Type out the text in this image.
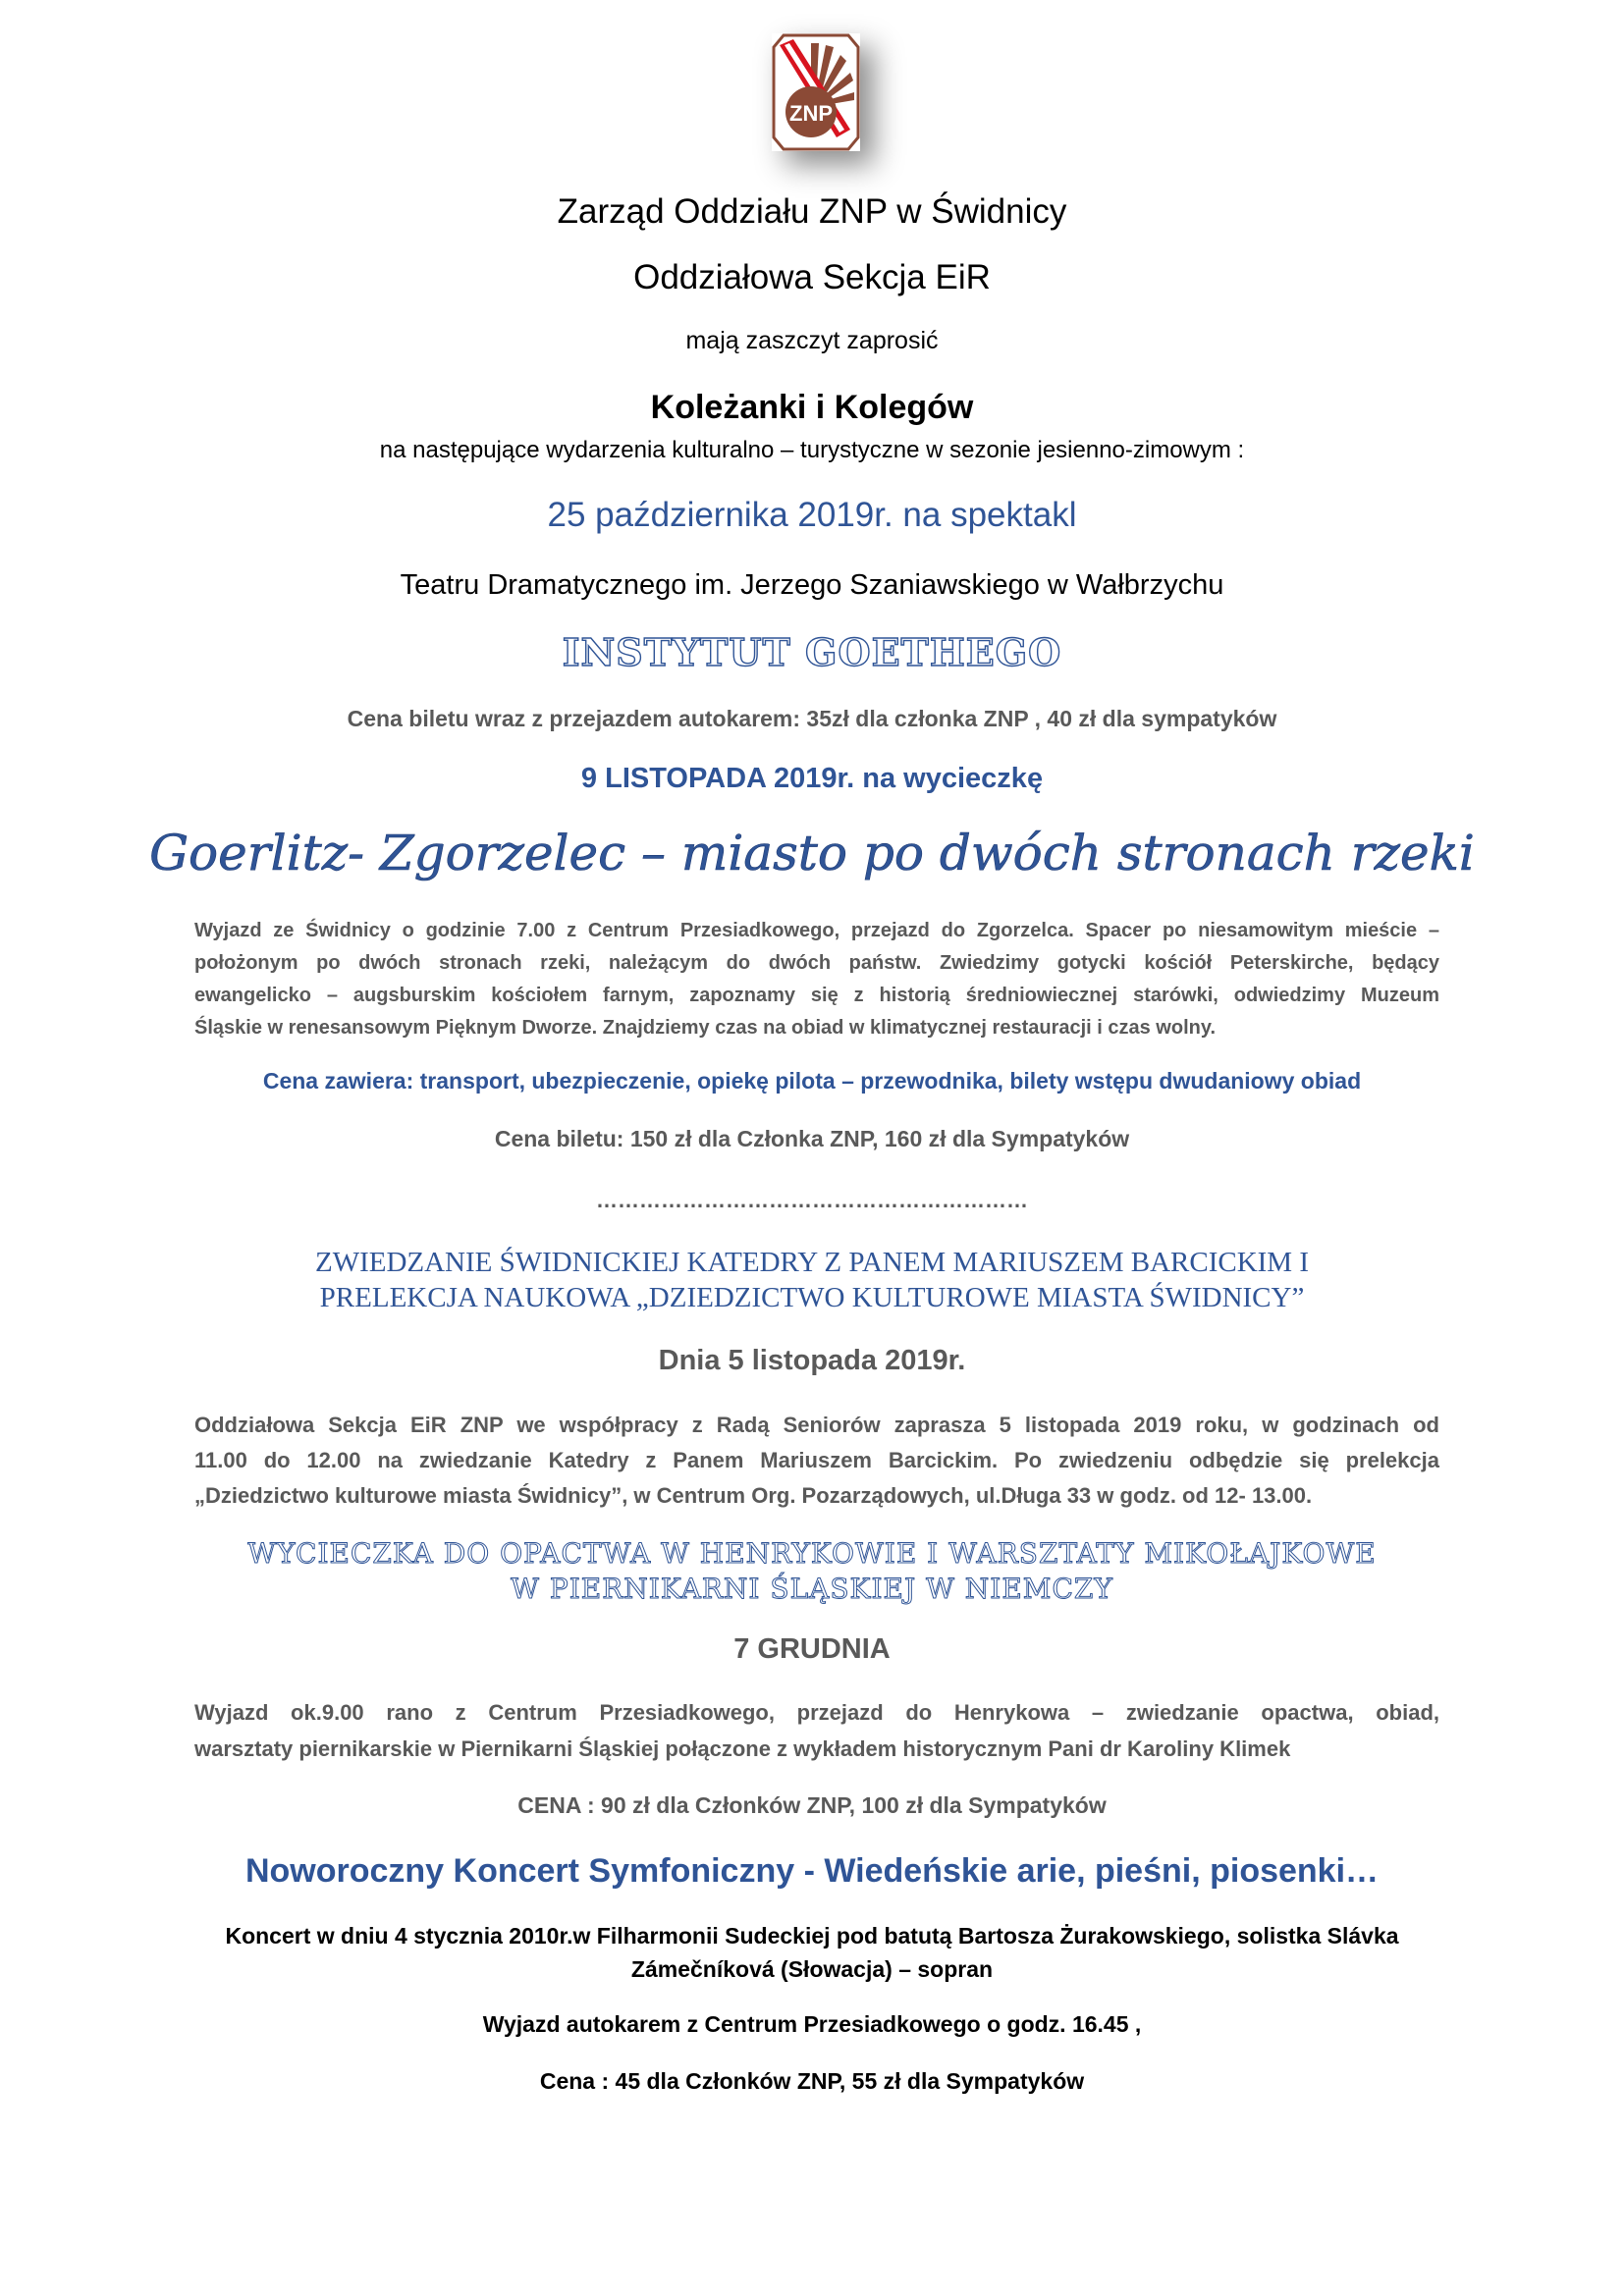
ZNP
Zarząd Oddziału ZNP w Świdnicy
Oddziałowa Sekcja EiR
mają zaszczyt zaprosić
Koleżanki i Kolegów
na następujące wydarzenia kulturalno – turystyczne w sezonie jesienno-zimowym :
25 października 2019r. na spektakl
Teatru Dramatycznego im. Jerzego Szaniawskiego w Wałbrzychu
INSTYTUT GOETHEGO
Cena biletu wraz z przejazdem autokarem: 35zł dla członka ZNP , 40 zł dla sympatyków
9 LISTOPADA 2019r. na wycieczkę
Goerlitz- Zgorzelec – miasto po dwóch stronach rzeki
Wyjazd ze Świdnicy o godzinie 7.00 z Centrum Przesiadkowego, przejazd do Zgorzelca. Spacer po niesamowitym mieście –
położonym po dwóch stronach rzeki, należącym do dwóch państw. Zwiedzimy gotycki kościół Peterskirche, będący
ewangelicko – augsburskim kościołem farnym, zapoznamy się z historią średniowiecznej starówki, odwiedzimy Muzeum
Śląskie w renesansowym Pięknym Dworze. Znajdziemy czas na obiad w klimatycznej restauracji i czas wolny.
Cena zawiera: transport, ubezpieczenie, opiekę pilota – przewodnika, bilety wstępu dwudaniowy obiad
Cena biletu: 150 zł dla Członka ZNP, 160 zł dla Sympatyków
……………………………………………………
ZWIEDZANIE ŚWIDNICKIEJ KATEDRY Z PANEM MARIUSZEM BARCICKIM I
PRELEKCJA NAUKOWA „DZIEDZICTWO KULTUROWE MIASTA ŚWIDNICY”
Dnia 5 listopada 2019r.
Oddziałowa Sekcja EiR ZNP we współpracy z Radą Seniorów zaprasza 5 listopada 2019 roku, w godzinach od
11.00 do 12.00 na zwiedzanie Katedry z Panem Mariuszem Barcickim. Po zwiedzeniu odbędzie się prelekcja
„Dziedzictwo kulturowe miasta Świdnicy”, w Centrum Org. Pozarządowych, ul.Długa 33 w godz. od 12- 13.00.
WYCIECZKA DO OPACTWA W HENRYKOWIE I WARSZTATY MIKOŁAJKOWE
W PIERNIKARNI ŚLĄSKIEJ W NIEMCZY
7 GRUDNIA
Wyjazd ok.9.00 rano z Centrum Przesiadkowego, przejazd do Henrykowa – zwiedzanie opactwa, obiad,
warsztaty piernikarskie w Piernikarni Śląskiej połączone z wykładem historycznym Pani dr Karoliny Klimek
CENA : 90 zł dla Członków ZNP, 100 zł dla Sympatyków
Noworoczny Koncert Symfoniczny - Wiedeńskie arie, pieśni, piosenki…
Koncert w dniu 4 stycznia 2010r.w Filharmonii Sudeckiej pod batutą Bartosza Żurakowskiego, solistka Slávka
Zámečníková (Słowacja) – sopran
Wyjazd autokarem z Centrum Przesiadkowego o godz. 16.45 ,
Cena : 45 dla Członków ZNP, 55 zł dla Sympatyków
